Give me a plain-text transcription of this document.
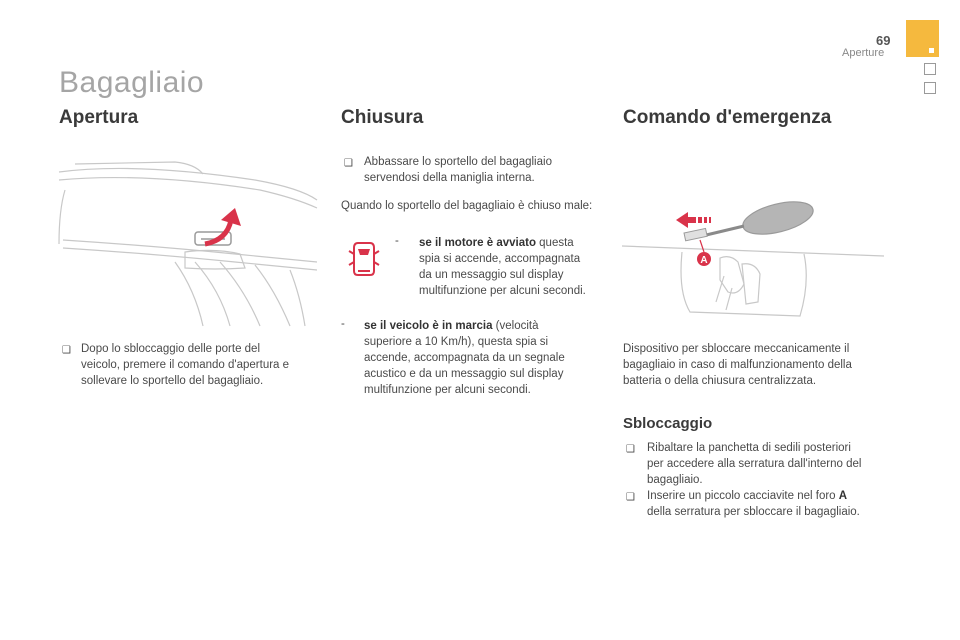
69
Aperture
Bagagliaio
Apertura
❑ Dopo lo sbloccaggio delle porte del
veicolo, premere il comando d'apertura e
sollevare lo sportello del bagagliaio.
Chiusura
❑ Abbassare lo sportello del bagagliaio
servendosi della maniglia interna.
Quando lo sportello del bagagliaio è chiuso male:
- se il motore è avviato questa
spia si accende, accompagnata
da un messaggio sul display
multifunzione per alcuni secondi.
- se il veicolo è in marcia (velocità
superiore a 10 Km/h), questa spia si
accende, accompagnata da un segnale
acustico e da un messaggio sul display
multifunzione per alcuni secondi.
Comando d'emergenza
A
Dispositivo per sbloccare meccanicamente il
bagagliaio in caso di malfunzionamento della
batteria o della chiusura centralizzata.
Sbloccaggio
❑ Ribaltare la panchetta di sedili posteriori
per accedere alla serratura dall'interno del
bagagliaio.
❑ Inserire un piccolo cacciavite nel foro A
della serratura per sbloccare il bagagliaio.
